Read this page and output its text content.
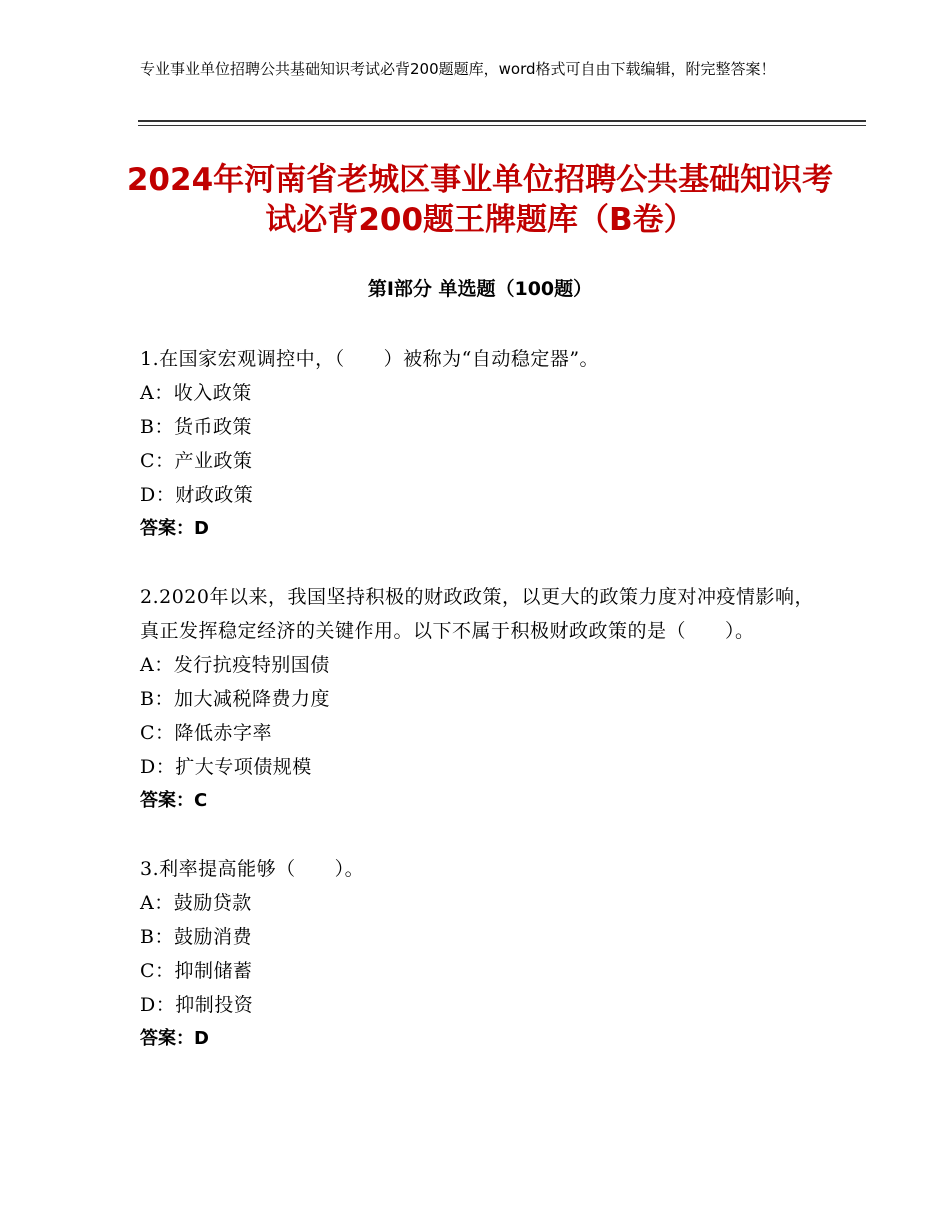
专业事业单位招聘公共基础知识考试必背200题题库，word格式可自由下载编辑，附完整答案！
2024年河南省老城区事业单位招聘公共基础知识考试必背200题王牌题库（B卷）
第Ⅰ部分 单选题（100题）
1.在国家宏观调控中，（　　）被称为“自动稳定器”。
A：收入政策
B：货币政策
C：产业政策
D：财政政策
答案：D
2.2020年以来，我国坚持积极的财政政策，以更大的政策力度对冲疫情影响，真正发挥稳定经济的关键作用。以下不属于积极财政政策的是（　　）。
A：发行抗疫特别国债
B：加大减税降费力度
C：降低赤字率
D：扩大专项债规模
答案：C
3.利率提高能够（　　）。
A：鼓励贷款
B：鼓励消费
C：抑制储蓄
D：抑制投资
答案：D
